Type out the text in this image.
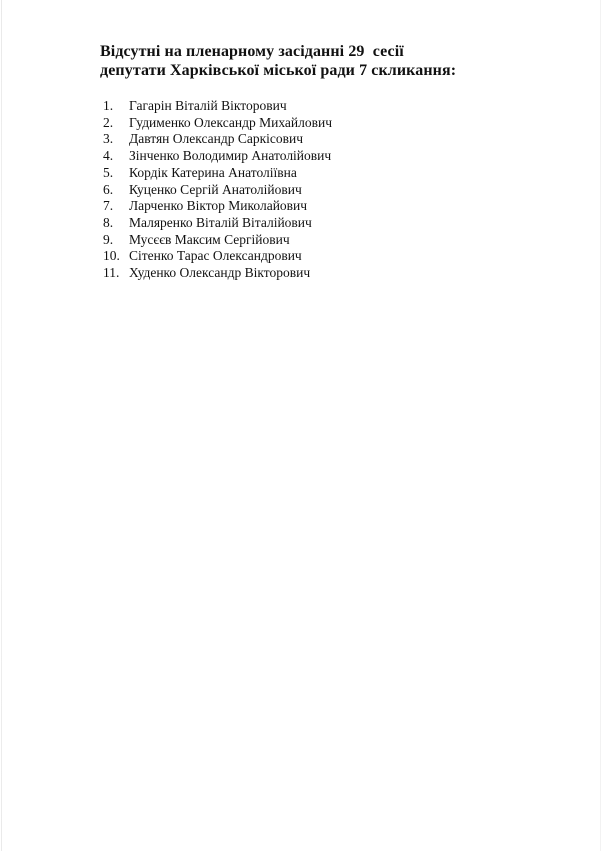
Відсутні на пленарному засіданні 29  сесії
депутати Харківської міської ради 7 скликання:
1.	Гагарін Віталій Вікторович
2.	Гудименко Олександр Михайлович
3.	Давтян Олександр Саркісович
4.	Зінченко Володимир Анатолійович
5.	Кордік Катерина Анатоліївна
6.	Куценко Сергій Анатолійович
7.	Ларченко Віктор Миколайович
8.	Маляренко Віталій Віталійович
9.	Мусєєв Максим Сергійович
10. Сітенко Тарас Олександрович
11. Худенко Олександр Вікторович
